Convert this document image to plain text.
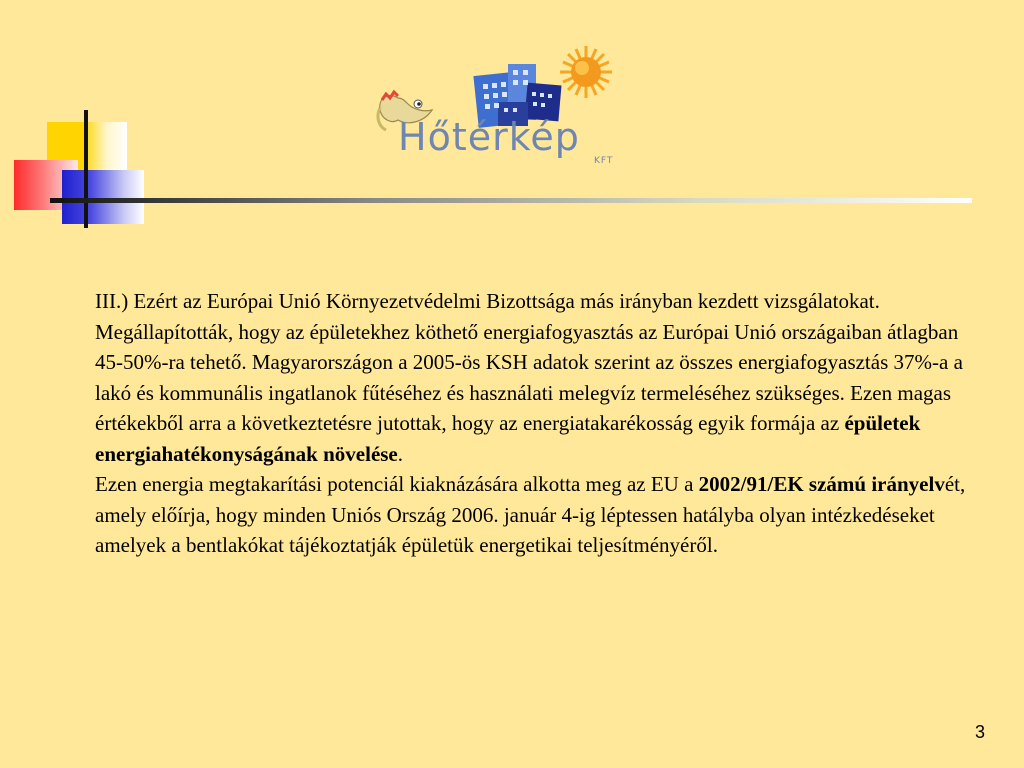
Hőtérkép
KFT

III.) Ezért az Európai Unió Környezetvédelmi Bizottsága más irányban kezdett vizsgálatokat. Megállapították, hogy az épületekhez köthető energiafogyasztás az Európai Unió országaiban átlagban 45-50%-ra tehető. Magyarországon a 2005-ös KSH adatok szerint az összes energiafogyasztás 37%-a a lakó és kommunális ingatlanok fűtéséhez és használati melegvíz termeléséhez szükséges. Ezen magas értékekből arra a következtetésre jutottak, hogy az energiatakarékosság egyik formája az épületek energiahatékonyságának növelése.

Ezen energia megtakarítási potenciál kiaknázására alkotta meg az EU a 2002/91/EK számú irányelvét, amely előírja, hogy minden Uniós Ország 2006. január 4-ig léptessen hatályba olyan intézkedéseket amelyek a bentlakókat tájékoztatják épületük energetikai teljesítményéről.

3
